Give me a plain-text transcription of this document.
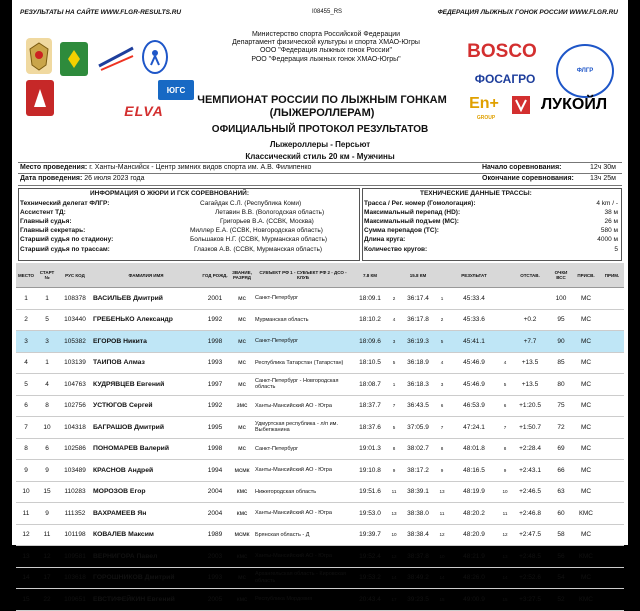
РЕЗУЛЬТАТЫ НА САЙТЕ WWW.FLGR-RESULTS.RU	I08455_RS	ФЕДЕРАЦИЯ ЛЫЖНЫХ ГОНОК РОССИИ WWW.FLGR.RU
ЮГС
ELVA
Министерство спорта Российской Федерации
Департамент физической культуры и спорта ХМАО-Югры
ООО "Федерация лыжных гонок России"
РОО "Федерация лыжных гонок ХМАО-Югры"	BOSCO
ФЛГР
ФОСАГРО
En+
GROUP
ЛУКОЙЛ
ЧЕМПИОНАТ РОССИИ ПО ЛЫЖНЫМ ГОНКАМ
(ЛЫЖЕРОЛЛЕРАМ)
ОФИЦИАЛЬНЫЙ ПРОТОКОЛ РЕЗУЛЬТАТОВ
Лыжероллеры - Персьют
Классический стиль 20 км - Мужчины
Место проведения: г. Ханты-Мансийск - Центр зимних видов спорта им. А.В. Филипенко	Начало соревнования:	12ч 30м
Дата проведения: 26 июля 2023 года	Окончание соревнования: 13ч 25м
ИНФОРМАЦИЯ О ЖЮРИ И ГСК СОРЕВНОВАНИЙ:
Технический делегат ФЛГР:	Сагайдак С.Л. (Республика Коми)
Ассистент ТД:	Летавин В.В. (Вологодская область)
Главный судья:	Григорьев В.А. (ССВК, Москва)
Главный секретарь:	Миллер Е.А. (ССВК, Новгородская область)
Старший судья по стадиону:	Большаков Н.Г. (ССВК, Мурманская область)
Старший судья по трассам:	Глазков А.В. (ССВК, Мурманская область)
ТЕХНИЧЕСКИЕ ДАННЫЕ ТРАССЫ:
Трасса / Рег. номер (Гомологация):	4 km / -
Максимальный перепад (HD):	38 м
Максимальный подъем (MC):	26 м
Сумма перепадов (TC):	580 м
Длина круга:	4000 м
Количество кругов:	5
МЕСТО	СТАРТ №	РУС КОД	ФАМИЛИЯ ИМЯ	ГОД РОЖД.	ЗВАНИЕ, РАЗРЯД	СУБЪЕКТ РФ 1 - СУБЪЕКТ РФ 2 - ДСО - КЛУБ	7.8 КМ		15.8 КМ		РЕЗУЛЬТАТ		ОТСТАВ.	ОЧКИ ВСС	ПРИСВ.	ПРИМ.
1	1	108378	ВАСИЛЬЕВ Дмитрий	2001	мс	Санкт-Петербург	18:09.1	2	36:17.4	1	45:33.4			100	МС	
2	5	103440	ГРЕБЕНЬКО Александр	1992	мс	Мурманская область	18:10.2	4	36:17.8	2	45:33.6		+0.2	95	МС	
3	3	105382	ЕГОРОВ Никита	1998	мс	Санкт-Петербург	18:09.6	3	36:19.3	5	45:41.1		+7.7	90	МС	
4	1	103139	ТАИПОВ Алмаз	1993	мс	Республика Татарстан (Татарстан)	18:10.5	5	36:18.9	4	45:46.9	4	+13.5	85	МС	
5	4	104763	КУДРЯВЦЕВ Евгений	1997	мс	Санкт-Петербург - Новгородская область	18:08.7	1	36:18.3	3	45:46.9	5	+13.5	80	МС	
6	8	102756	УСТЮГОВ Сергей	1992	змс	Ханты-Мансийский АО - Югра	18:37.7	7	36:43.5	6	46:53.9	6	+1:20.5	75	МС	
7	10	104318	БАГРАШОВ Дмитрий	1995	мс	Удмуртская республика - л/п им. Выбегжанина	18:37.6	5	37:05.9	7	47:24.1	7	+1:50.7	72	МС	
8	6	102586	ПОНОМАРЕВ Валерий	1998	мс	Санкт-Петербург	19:01.3	8	38:02.7	8	48:01.8	8	+2:28.4	69	МС	
9	9	103489	КРАСНОВ Андрей	1994	мсмк	Ханты-Мансийский АО - Югра	19:10.8	9	38:17.2	9	48:16.5	9	+2:43.1	66	МС	
10	15	110283	МОРОЗОВ Егор	2004	кмс	Нижегородская область	19:51.6	11	38:39.1	13	48:19.9	10	+2:46.5	63	МС	
11	9	111352	ВАХРАМЕЕВ Ян	2004	кмс	Ханты-Мансийский АО - Югра	19:53.0	13	38:38.0	11	48:20.2	11	+2:46.8	60	КМС	
12	11	101198	КОВАЛЕВ Максим	1989	мсмк	Брянская область - Д	19:39.7	10	38:38.4	12	48:20.9	12	+2:47.5	58	МС	
13	12	109581	ВЕРНИГОРА Павел	2003	кмс	Ханты-Мансийский АО - Югра	19:52.4	12	38:37.8	10	48:21.9	13	+2:48.5	56	КМС	
14	17	103618	ГОРОШНИКОВ Дмитрий	1993	мс	Архангельская область - Кировская область	19:53.2	14	38:49.2	14	48:26.0	14	+2:52.6	54	МС	
15	22	109651	ЕВСТИФЕЙКИН Евгений	2005	кмс	Республика Мордовия	20:43.4	17	39:23.5	15	49:00.9	15	+3:27.5	52	КМС	
